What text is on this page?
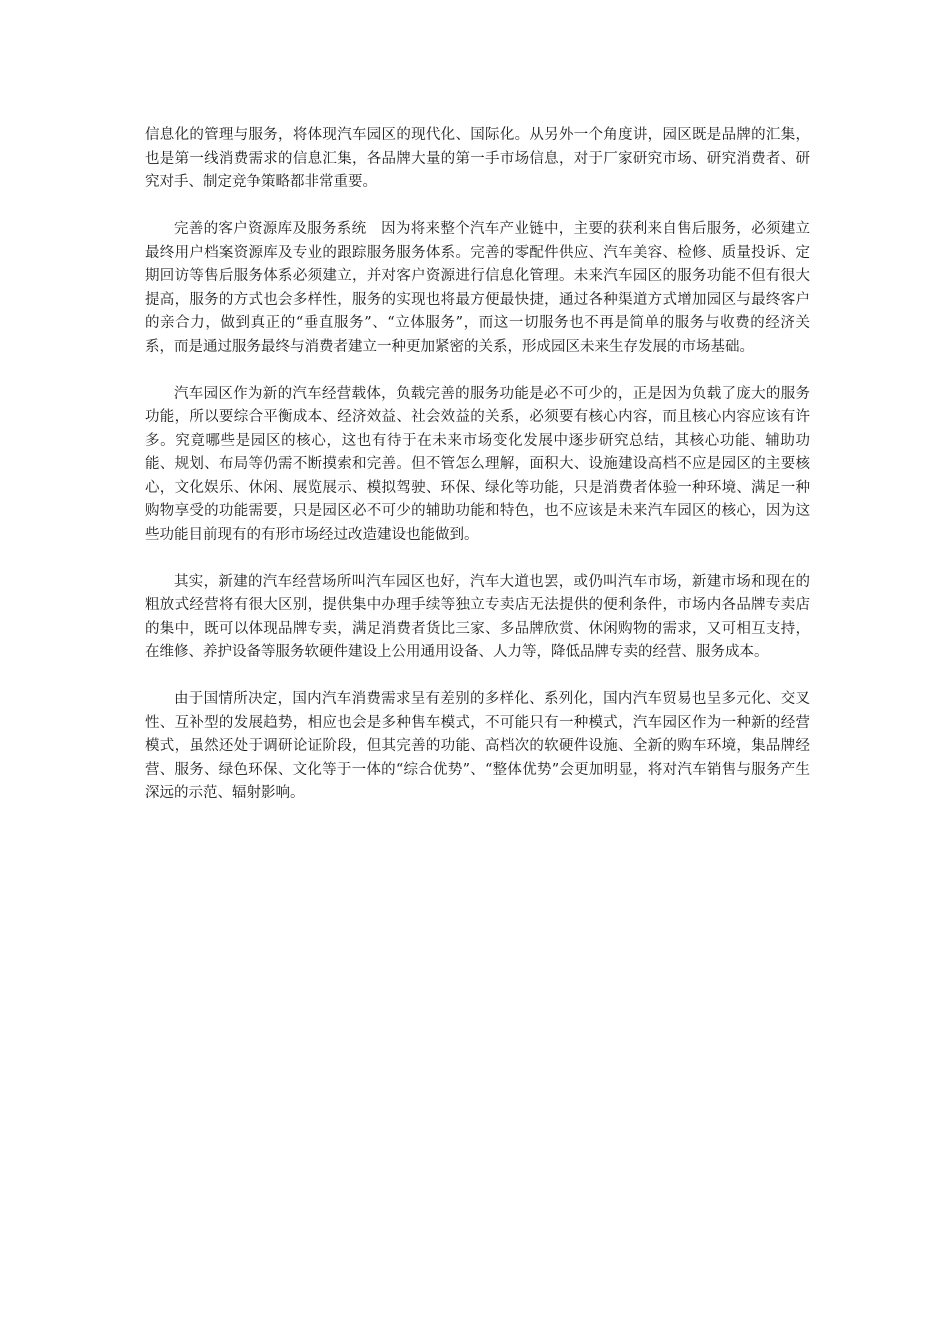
信息化的管理与服务，将体现汽车园区的现代化、国际化。从另外一个角度讲，园区既是品牌的汇集，也是第一线消费需求的信息汇集，各品牌大量的第一手市场信息，对于厂家研究市场、研究消费者、研究对手、制定竞争策略都非常重要。

完善的客户资源库及服务系统　因为将来整个汽车产业链中，主要的获利来自售后服务，必须建立最终用户档案资源库及专业的跟踪服务服务体系。完善的零配件供应、汽车美容、检修、质量投诉、定期回访等售后服务体系必须建立，并对客户资源进行信息化管理。未来汽车园区的服务功能不但有很大提高，服务的方式也会多样性，服务的实现也将最方便最快捷，通过各种渠道方式增加园区与最终客户的亲合力，做到真正的“垂直服务”、“立体服务”，而这一切服务也不再是简单的服务与收费的经济关系，而是通过服务最终与消费者建立一种更加紧密的关系，形成园区未来生存发展的市场基础。

汽车园区作为新的汽车经营载体，负载完善的服务功能是必不可少的，正是因为负载了庞大的服务功能，所以要综合平衡成本、经济效益、社会效益的关系，必须要有核心内容，而且核心内容应该有许多。究竟哪些是园区的核心，这也有待于在未来市场变化发展中逐步研究总结，其核心功能、辅助功能、规划、布局等仍需不断摸索和完善。但不管怎么理解，面积大、设施建设高档不应是园区的主要核心，文化娱乐、休闲、展览展示、模拟驾驶、环保、绿化等功能，只是消费者体验一种环境、满足一种购物享受的功能需要，只是园区必不可少的辅助功能和特色，也不应该是未来汽车园区的核心，因为这些功能目前现有的有形市场经过改造建设也能做到。

其实，新建的汽车经营场所叫汽车园区也好，汽车大道也罢，或仍叫汽车市场，新建市场和现在的粗放式经营将有很大区别，提供集中办理手续等独立专卖店无法提供的便利条件，市场内各品牌专卖店的集中，既可以体现品牌专卖，满足消费者货比三家、多品牌欣赏、休闲购物的需求，又可相互支持，在维修、养护设备等服务软硬件建设上公用通用设备、人力等，降低品牌专卖的经营、服务成本。

由于国情所决定，国内汽车消费需求呈有差别的多样化、系列化，国内汽车贸易也呈多元化、交叉性、互补型的发展趋势，相应也会是多种售车模式，不可能只有一种模式，汽车园区作为一种新的经营模式，虽然还处于调研论证阶段，但其完善的功能、高档次的软硬件设施、全新的购车环境，集品牌经营、服务、绿色环保、文化等于一体的“综合优势”、“整体优势”会更加明显，将对汽车销售与服务产生深远的示范、辐射影响。
